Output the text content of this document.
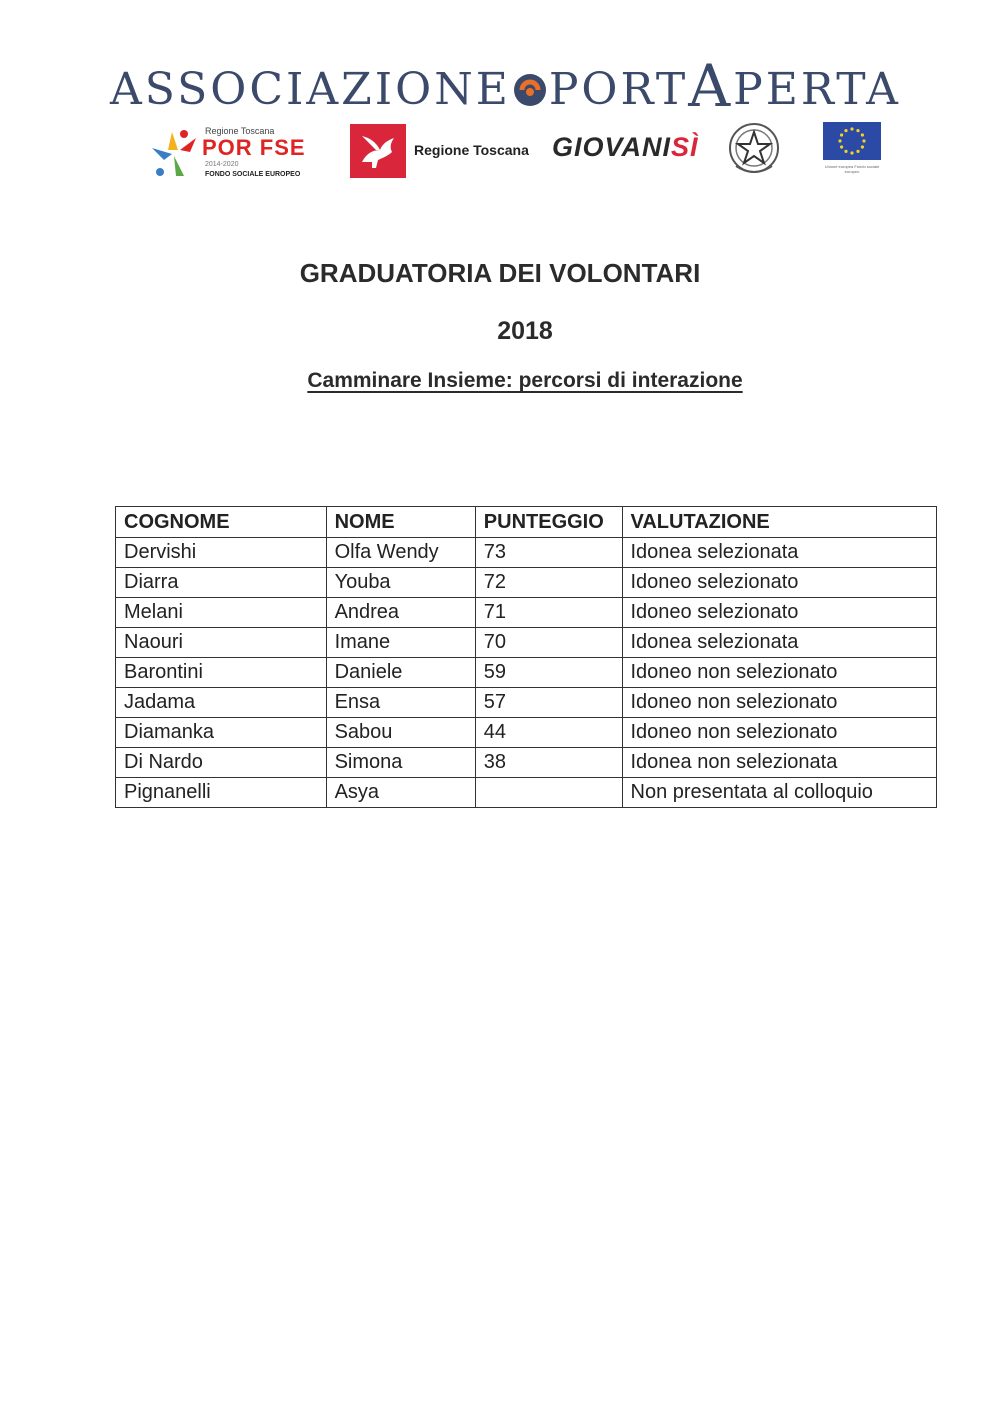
ASSOCIAZIONE PORTAPERTA
Regione Toscana
POR FSE
2014-2020
FONDO SOCIALE EUROPEO
Regione Toscana GIOVANISÌ
Unione europea Fondo sociale europeo
GRADUATORIA DEI VOLONTARI
2018
Camminare Insieme: percorsi di interazione
COGNOME	NOME	PUNTEGGIO	VALUTAZIONE
Dervishi	Olfa Wendy	73	Idonea selezionata
Diarra	Youba	72	Idoneo selezionato
Melani	Andrea	71	Idoneo selezionato
Naouri	Imane	70	Idonea selezionata
Barontini	Daniele	59	Idoneo non selezionato
Jadama	Ensa	57	Idoneo non selezionato
Diamanka	Sabou	44	Idoneo non selezionato
Di Nardo	Simona	38	Idonea non selezionata
Pignanelli	Asya		Non presentata al colloquio
